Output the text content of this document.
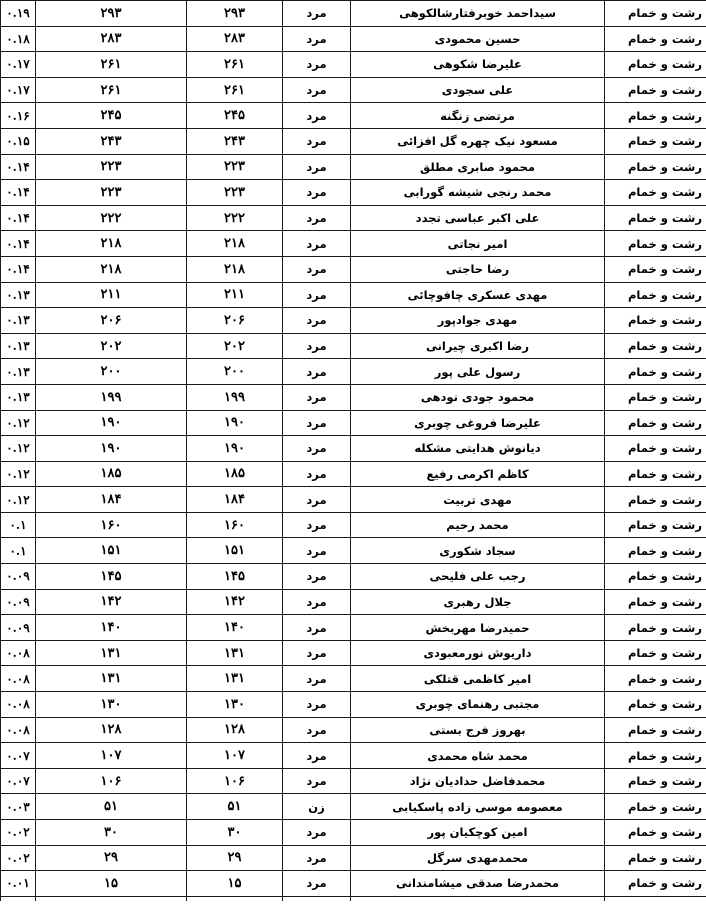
رشت و خمام	سیداحمد خوبرفتارشالکوهی	مرد	۲۹۳	۲۹۳	۰.۱۹
رشت و خمام	حسین محمودی	مرد	۲۸۳	۲۸۳	۰.۱۸
رشت و خمام	علیرضا شکوهی	مرد	۲۶۱	۲۶۱	۰.۱۷
رشت و خمام	علی سجودی	مرد	۲۶۱	۲۶۱	۰.۱۷
رشت و خمام	مرتضی زنگنه	مرد	۲۴۵	۲۴۵	۰.۱۶
رشت و خمام	مسعود نیک چهره گل افزائی	مرد	۲۴۳	۲۴۳	۰.۱۵
رشت و خمام	محمود صابری مطلق	مرد	۲۲۳	۲۲۳	۰.۱۴
رشت و خمام	محمد رنجی شیشه گورابی	مرد	۲۲۳	۲۲۳	۰.۱۴
رشت و خمام	علی اکبر عباسی تجدد	مرد	۲۲۲	۲۲۲	۰.۱۴
رشت و خمام	امیر نجاتی	مرد	۲۱۸	۲۱۸	۰.۱۴
رشت و خمام	رضا حاجتی	مرد	۲۱۸	۲۱۸	۰.۱۴
رشت و خمام	مهدی عسکری چافوچائی	مرد	۲۱۱	۲۱۱	۰.۱۳
رشت و خمام	مهدی جوادپور	مرد	۲۰۶	۲۰۶	۰.۱۳
رشت و خمام	رضا اکبری چیرانی	مرد	۲۰۲	۲۰۲	۰.۱۳
رشت و خمام	رسول علی پور	مرد	۲۰۰	۲۰۰	۰.۱۳
رشت و خمام	محمود جودی نودهی	مرد	۱۹۹	۱۹۹	۰.۱۳
رشت و خمام	علیرضا فروغی چوبری	مرد	۱۹۰	۱۹۰	۰.۱۲
رشت و خمام	دیانوش هدایتی مشکله	مرد	۱۹۰	۱۹۰	۰.۱۲
رشت و خمام	کاظم اکرمی رفیع	مرد	۱۸۵	۱۸۵	۰.۱۲
رشت و خمام	مهدی تربیت	مرد	۱۸۴	۱۸۴	۰.۱۲
رشت و خمام	محمد رحیم	مرد	۱۶۰	۱۶۰	۰.۱
رشت و خمام	سجاد شکوری	مرد	۱۵۱	۱۵۱	۰.۱
رشت و خمام	رجب علی فلیحی	مرد	۱۴۵	۱۴۵	۰.۰۹
رشت و خمام	جلال رهبری	مرد	۱۴۲	۱۴۲	۰.۰۹
رشت و خمام	حمیدرضا مهربخش	مرد	۱۴۰	۱۴۰	۰.۰۹
رشت و خمام	داریوش نورمعبودی	مرد	۱۳۱	۱۳۱	۰.۰۸
رشت و خمام	امیر کاظمی قتلکی	مرد	۱۳۱	۱۳۱	۰.۰۸
رشت و خمام	مجتبی رهنمای چوبری	مرد	۱۳۰	۱۳۰	۰.۰۸
رشت و خمام	بهروز فرج بستی	مرد	۱۲۸	۱۲۸	۰.۰۸
رشت و خمام	محمد شاه محمدی	مرد	۱۰۷	۱۰۷	۰.۰۷
رشت و خمام	محمدفاضل حدادیان نژاد	مرد	۱۰۶	۱۰۶	۰.۰۷
رشت و خمام	معصومه موسی زاده پاسکیابی	زن	۵۱	۵۱	۰.۰۳
رشت و خمام	امین کوچکیان پور	مرد	۳۰	۳۰	۰.۰۲
رشت و خمام	محمدمهدی سرگل	مرد	۲۹	۲۹	۰.۰۲
رشت و خمام	محمدرضا صدقی میشامندانی	مرد	۱۵	۱۵	۰.۰۱
